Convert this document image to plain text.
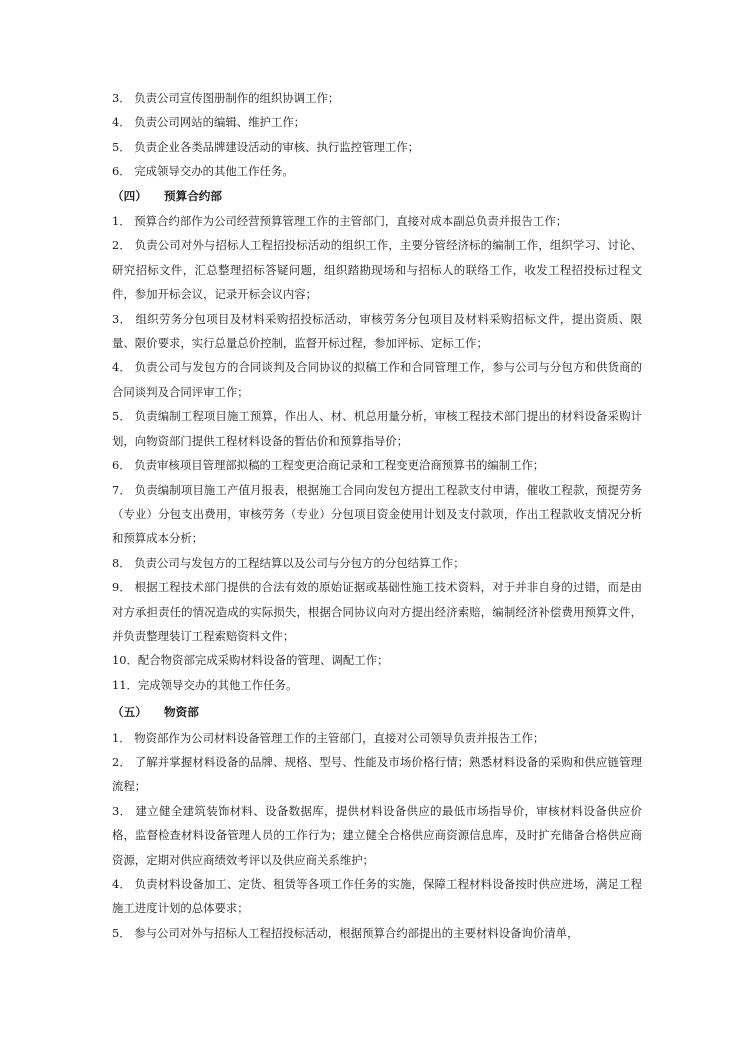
3． 负责公司宣传图册制作的组织协调工作；

4． 负责公司网站的编辑、维护工作；

5． 负责企业各类品牌建设活动的审核、执行监控管理工作；

6． 完成领导交办的其他工作任务。

（四） 预算合约部

1． 预算合约部作为公司经营预算管理工作的主管部门，直接对成本副总负责并报告工作；

2． 负责公司对外与招标人工程招投标活动的组织工作，主要分管经济标的编制工作，组织学习、讨论、研究招标文件，汇总整理招标答疑问题，组织踏勘现场和与招标人的联络工作，收发工程招投标过程文件，参加开标会议，记录开标会议内容；

3． 组织劳务分包项目及材料采购招投标活动，审核劳务分包项目及材料采购招标文件，提出资质、限量、限价要求，实行总量总价控制，监督开标过程，参加评标、定标工作；

4． 负责公司与发包方的合同谈判及合同协议的拟稿工作和合同管理工作，参与公司与分包方和供货商的合同谈判及合同评审工作；

5． 负责编制工程项目施工预算，作出人、材、机总用量分析，审核工程技术部门提出的材料设备采购计划，向物资部门提供工程材料设备的暂估价和预算指导价；

6． 负责审核项目管理部拟稿的工程变更洽商记录和工程变更洽商预算书的编制工作；

7． 负责编制项目施工产值月报表，根据施工合同向发包方提出工程款支付申请，催收工程款，预提劳务（专业）分包支出费用，审核劳务（专业）分包项目资金使用计划及支付款项，作出工程款收支情况分析和预算成本分析；

8． 负责公司与发包方的工程结算以及公司与分包方的分包结算工作；

9． 根据工程技术部门提供的合法有效的原始证据或基础性施工技术资料，对于并非自身的过错，而是由对方承担责任的情况造成的实际损失，根据合同协议向对方提出经济索赔，编制经济补偿费用预算文件，并负责整理装订工程索赔资料文件；

10．配合物资部完成采购材料设备的管理、调配工作；

11．完成领导交办的其他工作任务。

（五） 物资部

1． 物资部作为公司材料设备管理工作的主管部门，直接对公司领导负责并报告工作；

2． 了解并掌握材料设备的品牌、规格、型号、性能及市场价格行情；熟悉材料设备的采购和供应链管理流程；

3． 建立健全建筑装饰材料、设备数据库，提供材料设备供应的最低市场指导价，审核材料设备供应价格，监督检查材料设备管理人员的工作行为；建立健全合格供应商资源信息库，及时扩充储备合格供应商资源，定期对供应商绩效考评以及供应商关系维护；

4． 负责材料设备加工、定货、租赁等各项工作任务的实施，保障工程材料设备按时供应进场，满足工程施工进度计划的总体要求；

5． 参与公司对外与招标人工程招投标活动，根据预算合约部提出的主要材料设备询价清单，
